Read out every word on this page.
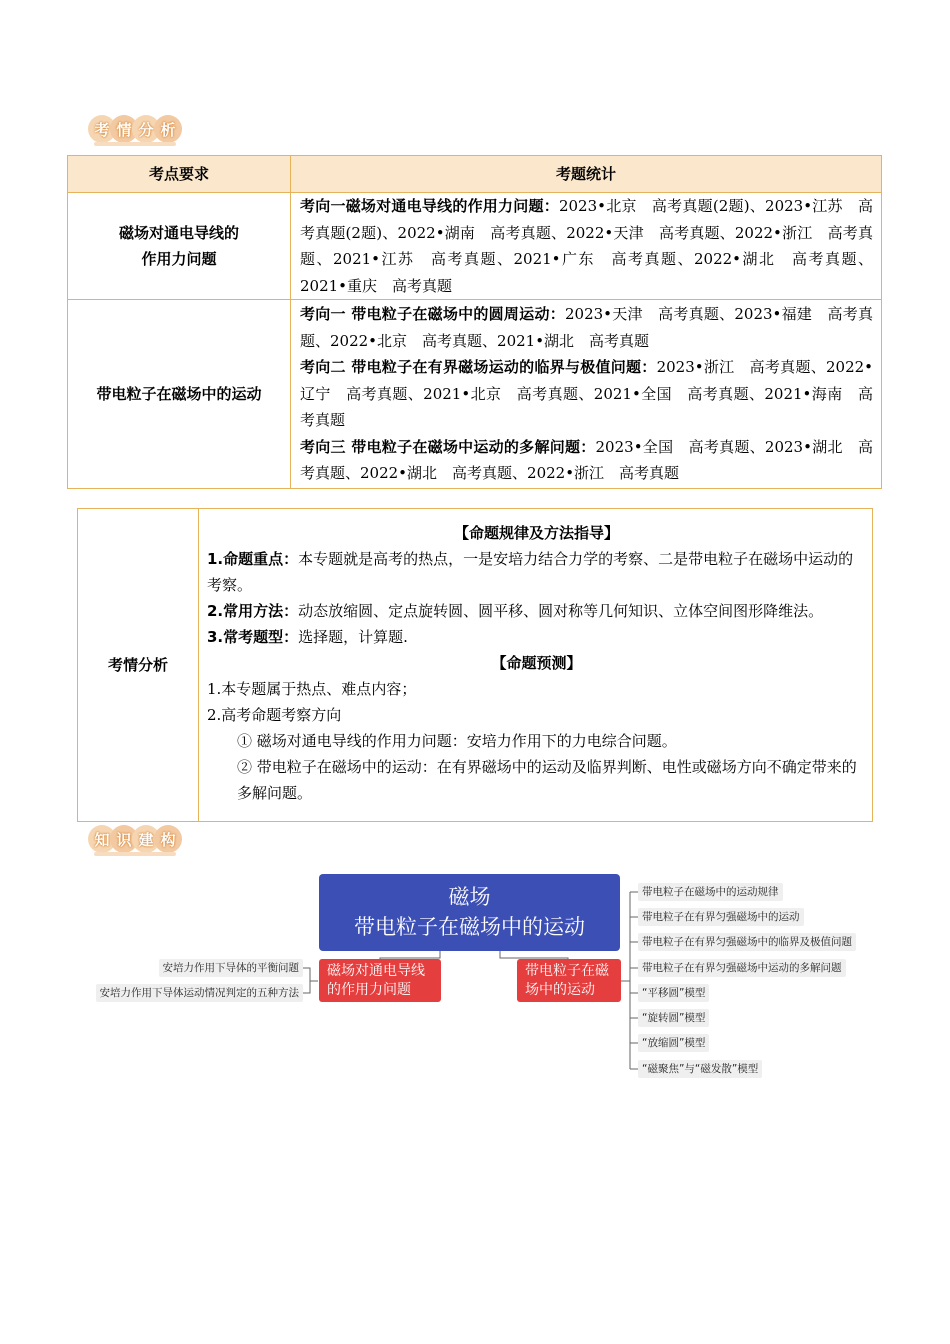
考 情 分 析
考点要求	考题统计
磁场对通电导线的
作用力问题	考向一磁场对通电导线的作用力问题：2023•北京　高考真题(2题)、2023•江苏　高考真题(2题)、2022•湖南　高考真题、2022•天津　高考真题、2022•浙江　高考真题、2021•江苏　高考真题、2021•广东　高考真题、2022•湖北　高考真题、2021•重庆　高考真题
带电粒子在磁场中的运动	考向一 带电粒子在磁场中的圆周运动：2023•天津　高考真题、2023•福建　高考真题、2022•北京　高考真题、2021•湖北　高考真题
考向二 带电粒子在有界磁场运动的临界与极值问题：2023•浙江　高考真题、2022•辽宁　高考真题、2021•北京　高考真题、2021•全国　高考真题、2021•海南　高考真题
考向三 带电粒子在磁场中运动的多解问题：2023•全国　高考真题、2023•湖北　高考真题、2022•湖北　高考真题、2022•浙江　高考真题
考情分析	
【命题规律及方法指导】
1.命题重点：本专题就是高考的热点，一是安培力结合力学的考察、二是带电粒子在磁场中运动的考察。
2.常用方法：动态放缩圆、定点旋转圆、圆平移、圆对称等几何知识、立体空间图形降维法。
3.常考题型：选择题，计算题.
【命题预测】
1.本专题属于热点、难点内容；
2.高考命题考察方向
① 磁场对通电导线的作用力问题：安培力作用下的力电综合问题。
② 带电粒子在磁场中的运动：在有界磁场中的运动及临界判断、电性或磁场方向不确定带来的多解问题。
知 识 建 构
磁场
带电粒子在磁场中的运动
磁场对通电导线
的作用力问题
带电粒子在磁
场中的运动
安培力作用下导体的平衡问题
安培力作用下导体运动情况判定的五种方法
带电粒子在磁场中的运动规律
带电粒子在有界匀强磁场中的运动
带电粒子在有界匀强磁场中的临界及极值问题
带电粒子在有界匀强磁场中运动的多解问题
“平移圆”模型
“旋转圆”模型
“放缩圆”模型
“磁聚焦”与“磁发散”模型
